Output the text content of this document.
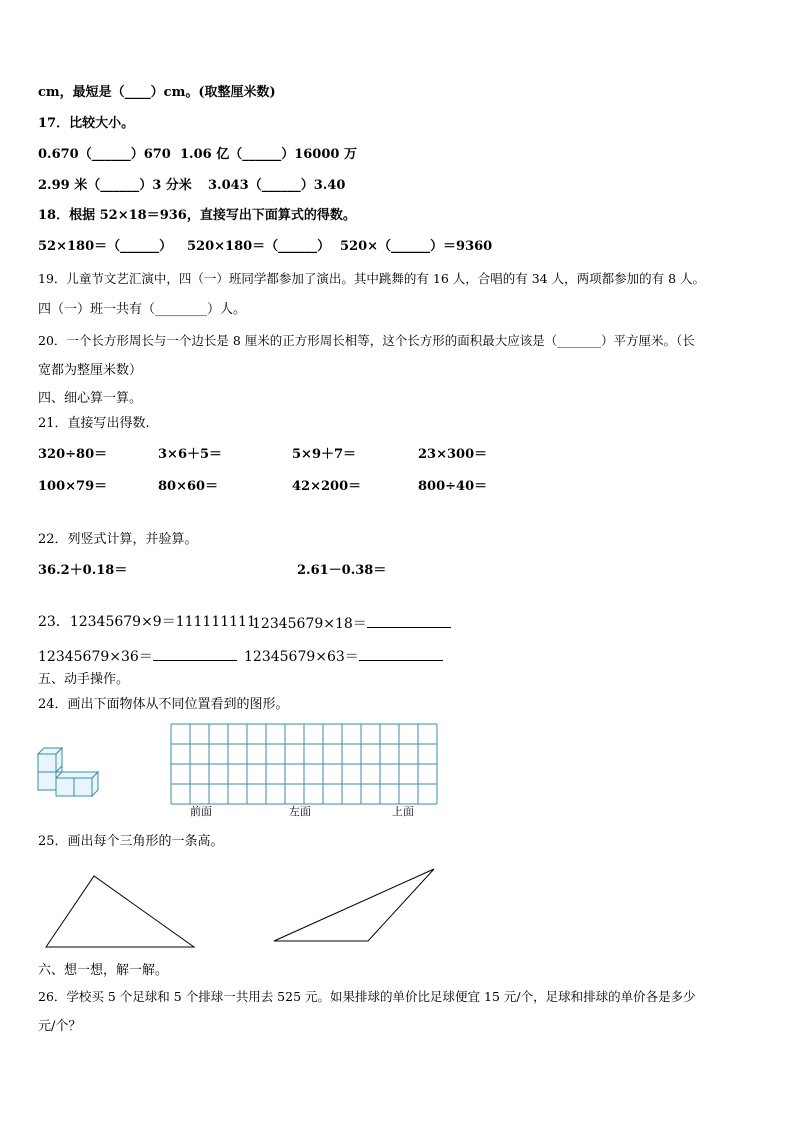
cm，最短是（____）cm。(取整厘米数)
17．比较大小。
0.670（______）670 1.06 亿（______）16000 万
2.99 米（______）3 分米 3.043（______）3.40
18．根据 52×18＝936，直接写出下面算式的得数。
52×180＝（______） 520×180＝（______） 520×（______）＝9360
19．儿童节文艺汇演中，四（一）班同学都参加了演出。其中跳舞的有 16 人，合唱的有 34 人，两项都参加的有 8 人。
四（一）班一共有（________）人。
20．一个长方形周长与一个边长是 8 厘米的正方形周长相等，这个长方形的面积最大应该是（_______）平方厘米。（长
宽都为整厘米数）
四、细心算一算。
21．直接写出得数.
320÷80＝	3×6＋5＝	5×9＋7＝	23×300＝
100×79＝	80×60＝	42×200＝	800÷40＝
22．列竖式计算，并验算。
36.2＋0.18＝	2.61－0.38＝
23．12345679×9＝111111111
12345679×18＝
12345679×36＝	12345679×63＝
五、动手操作。
24．画出下面物体从不同位置看到的图形。
前面	左面	上面
25．画出每个三角形的一条高。
六、想一想，解一解。
26．学校买 5 个足球和 5 个排球一共用去 525 元。如果排球的单价比足球便宜 15 元/个，足球和排球的单价各是多少
元/个？
